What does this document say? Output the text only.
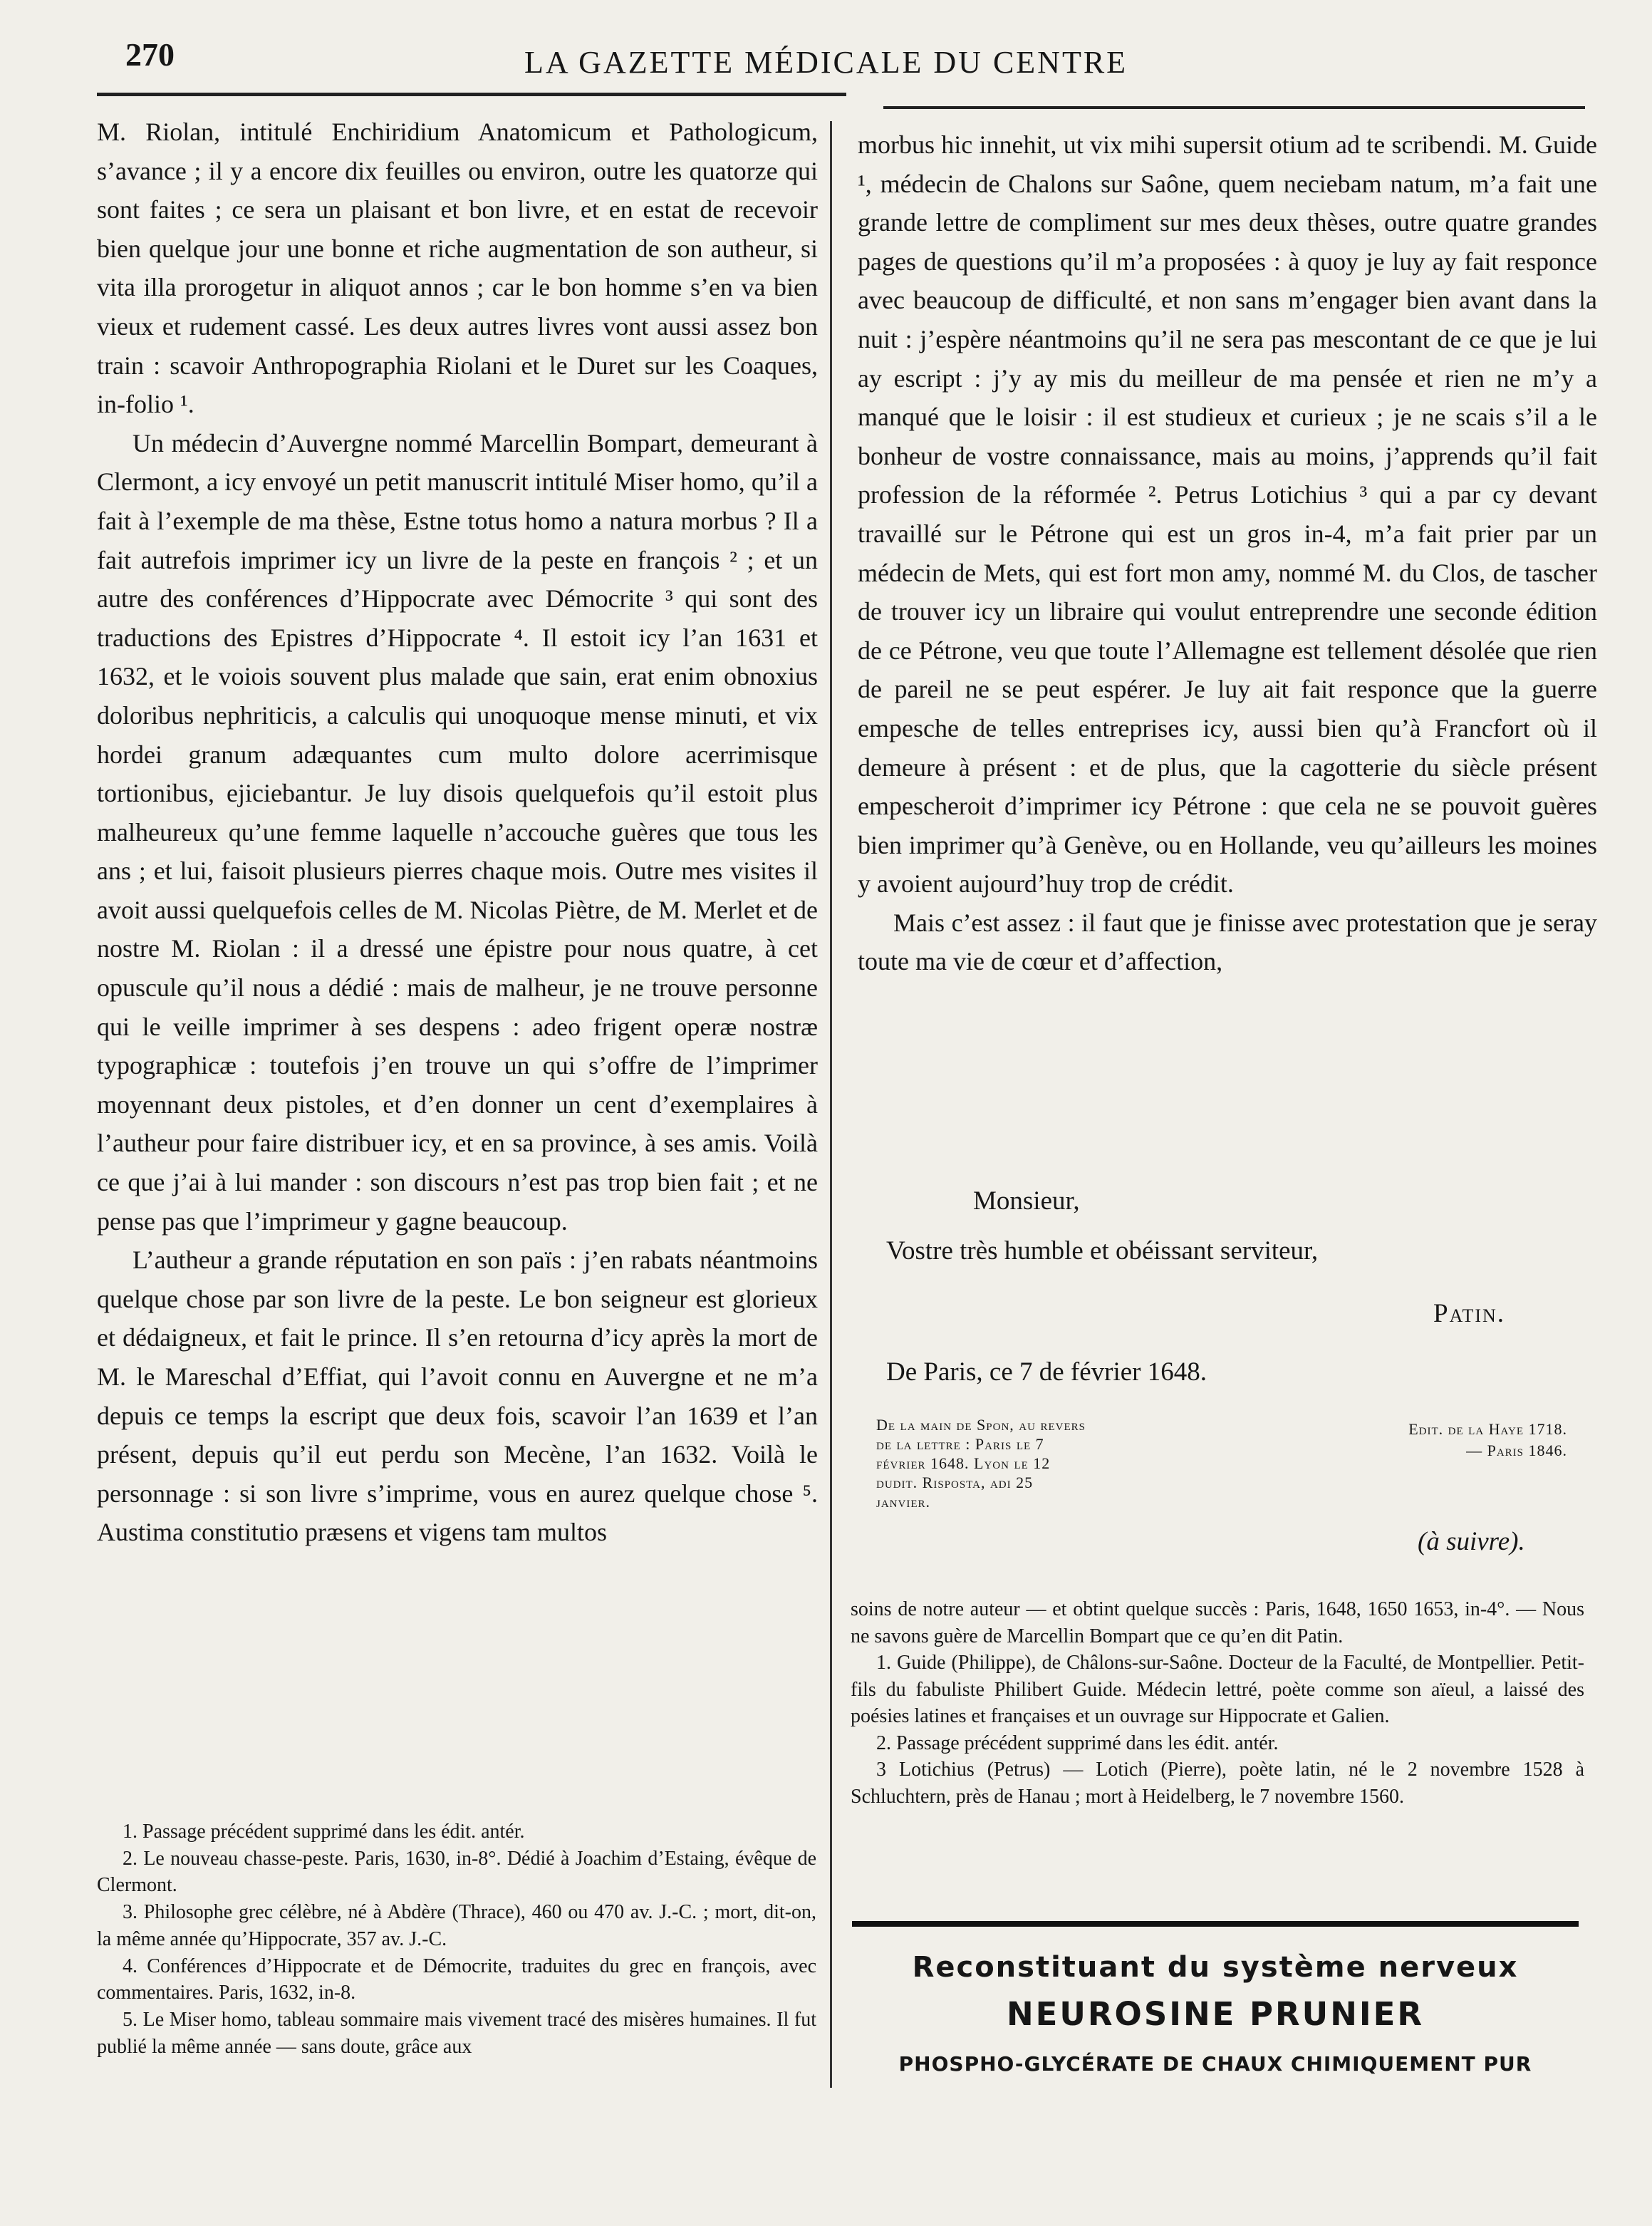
270	LA GAZETTE MÉDICALE DU CENTRE

M. Riolan, intitulé Enchiridium Anatomicum et Pathologicum, s’avance ; il y a encore dix feuilles ou environ, outre les quatorze qui sont faites ; ce sera un plaisant et bon livre, et en estat de recevoir bien quelque jour une bonne et riche augmentation de son autheur, si vita illa prorogetur in aliquot annos ; car le bon homme s’en va bien vieux et rudement cassé. Les deux autres livres vont aussi assez bon train : scavoir Anthropographia Riolani et le Duret sur les Coaques, in-folio ¹.

Un médecin d’Auvergne nommé Marcellin Bompart, demeurant à Clermont, a icy envoyé un petit manuscrit intitulé Miser homo, qu’il a fait à l’exemple de ma thèse, Estne totus homo a natura morbus ? Il a fait autrefois imprimer icy un livre de la peste en françois ² ; et un autre des conférences d’Hippocrate avec Démocrite ³ qui sont des traductions des Epistres d’Hippocrate ⁴. Il estoit icy l’an 1631 et 1632, et le voiois souvent plus malade que sain, erat enim obnoxius doloribus nephriticis, a calculis qui unoquoque mense minuti, et vix hordei granum adæquantes cum multo dolore acerrimisque tortionibus, ejiciebantur. Je luy disois quelquefois qu’il estoit plus malheureux qu’une femme laquelle n’accouche guères que tous les ans ; et lui, faisoit plusieurs pierres chaque mois. Outre mes visites il avoit aussi quelquefois celles de M. Nicolas Piètre, de M. Merlet et de nostre M. Riolan : il a dressé une épistre pour nous quatre, à cet opuscule qu’il nous a dédié : mais de malheur, je ne trouve personne qui le veille imprimer à ses despens : adeo frigent operæ nostræ typographicæ : toutefois j’en trouve un qui s’offre de l’imprimer moyennant deux pistoles, et d’en donner un cent d’exemplaires à l’autheur pour faire distribuer icy, et en sa province, à ses amis. Voilà ce que j’ai à lui mander : son discours n’est pas trop bien fait ; et ne pense pas que l’imprimeur y gagne beaucoup.

L’autheur a grande réputation en son païs : j’en rabats néantmoins quelque chose par son livre de la peste. Le bon seigneur est glorieux et dédaigneux, et fait le prince. Il s’en retourna d’icy après la mort de M. le Mareschal d’Effiat, qui l’avoit connu en Auvergne et ne m’a depuis ce temps la escript que deux fois, scavoir l’an 1639 et l’an présent, depuis qu’il eut perdu son Mecène, l’an 1632. Voilà le personnage : si son livre s’imprime, vous en aurez quelque chose ⁵. Austima constitutio præsens et vigens tam multos

1. Passage précédent supprimé dans les édit. antér.

2. Le nouveau chasse-peste. Paris, 1630, in-8°. Dédié à Joachim d’Estaing, évêque de Clermont.

3. Philosophe grec célèbre, né à Abdère (Thrace), 460 ou 470 av. J.-C. ; mort, dit-on, la même année qu’Hippocrate, 357 av. J.-C.

4. Conférences d’Hippocrate et de Démocrite, traduites du grec en françois, avec commentaires. Paris, 1632, in-8.

5. Le Miser homo, tableau sommaire mais vivement tracé des misères humaines. Il fut publié la même année — sans doute, grâce aux

morbus hic innehit, ut vix mihi supersit otium ad te scribendi. M. Guide ¹, médecin de Chalons sur Saône, quem neciebam natum, m’a fait une grande lettre de compliment sur mes deux thèses, outre quatre grandes pages de questions qu’il m’a proposées : à quoy je luy ay fait responce avec beaucoup de difficulté, et non sans m’engager bien avant dans la nuit : j’espère néantmoins qu’il ne sera pas mescontant de ce que je lui ay escript : j’y ay mis du meilleur de ma pensée et rien ne m’y a manqué que le loisir : il est studieux et curieux ; je ne scais s’il a le bonheur de vostre connaissance, mais au moins, j’apprends qu’il fait profession de la réformée ². Petrus Lotichius ³ qui a par cy devant travaillé sur le Pétrone qui est un gros in-4, m’a fait prier par un médecin de Mets, qui est fort mon amy, nommé M. du Clos, de tascher de trouver icy un libraire qui voulut entreprendre une seconde édition de ce Pétrone, veu que toute l’Allemagne est tellement désolée que rien de pareil ne se peut espérer. Je luy ait fait responce que la guerre empesche de telles entreprises icy, aussi bien qu’à Francfort où il demeure à présent : et de plus, que la cagotterie du siècle présent empescheroit d’imprimer icy Pétrone : que cela ne se pouvoit guères bien imprimer qu’à Genève, ou en Hollande, veu qu’ailleurs les moines y avoient aujourd’huy trop de crédit.

Mais c’est assez : il faut que je finisse avec protestation que je seray toute ma vie de cœur et d’affection,

Monsieur,
Vostre très humble et obéissant serviteur,
Patin.
De Paris, ce 7 de février 1648.
De la main de Spon, au revers de la lettre : Paris le 7 février 1648. Lyon le 12 dudit. Risposta, adi 25 janvier.
Edit. de la Haye 1718.
— Paris 1846.
(à suivre).

soins de notre auteur — et obtint quelque succès : Paris, 1648, 1650 1653, in-4°. — Nous ne savons guère de Marcellin Bompart que ce qu’en dit Patin.

1. Guide (Philippe), de Châlons-sur-Saône. Docteur de la Faculté, de Montpellier. Petit-fils du fabuliste Philibert Guide. Médecin lettré, poète comme son aïeul, a laissé des poésies latines et françaises et un ouvrage sur Hippocrate et Galien.

2. Passage précédent supprimé dans les édit. antér.

3 Lotichius (Petrus) — Lotich (Pierre), poète latin, né le 2 novembre 1528 à Schluchtern, près de Hanau ; mort à Heidelberg, le 7 novembre 1560.

Reconstituant du système nerveux
NEUROSINE PRUNIER
PHOSPHO-GLYCÉRATE DE CHAUX CHIMIQUEMENT PUR
